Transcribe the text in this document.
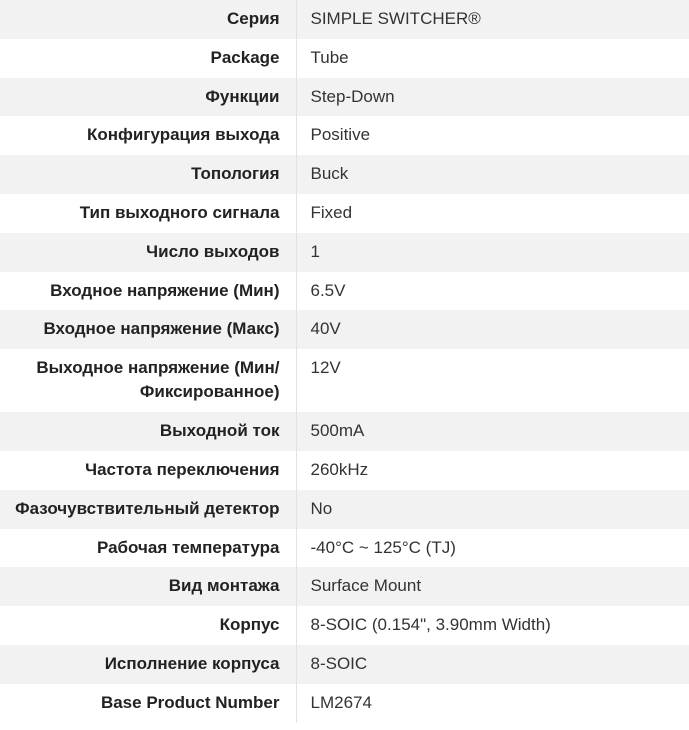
Серия	SIMPLE SWITCHER®
Package	Tube
Функции	Step-Down
Конфигурация выхода	Positive
Топология	Buck
Тип выходного сигнала	Fixed
Число выходов	1
Входное напряжение (Мин)	6.5V
Входное напряжение (Макс)	40V
Выходное напряжение (Мин/ Фиксированное)	12V
Выходной ток	500mA
Частота переключения	260kHz
Фазочувствительный детектор	No
Рабочая температура	-40°C ~ 125°C (TJ)
Вид монтажа	Surface Mount
Корпус	8-SOIC (0.154", 3.90mm Width)
Исполнение корпуса	8-SOIC
Base Product Number	LM2674
